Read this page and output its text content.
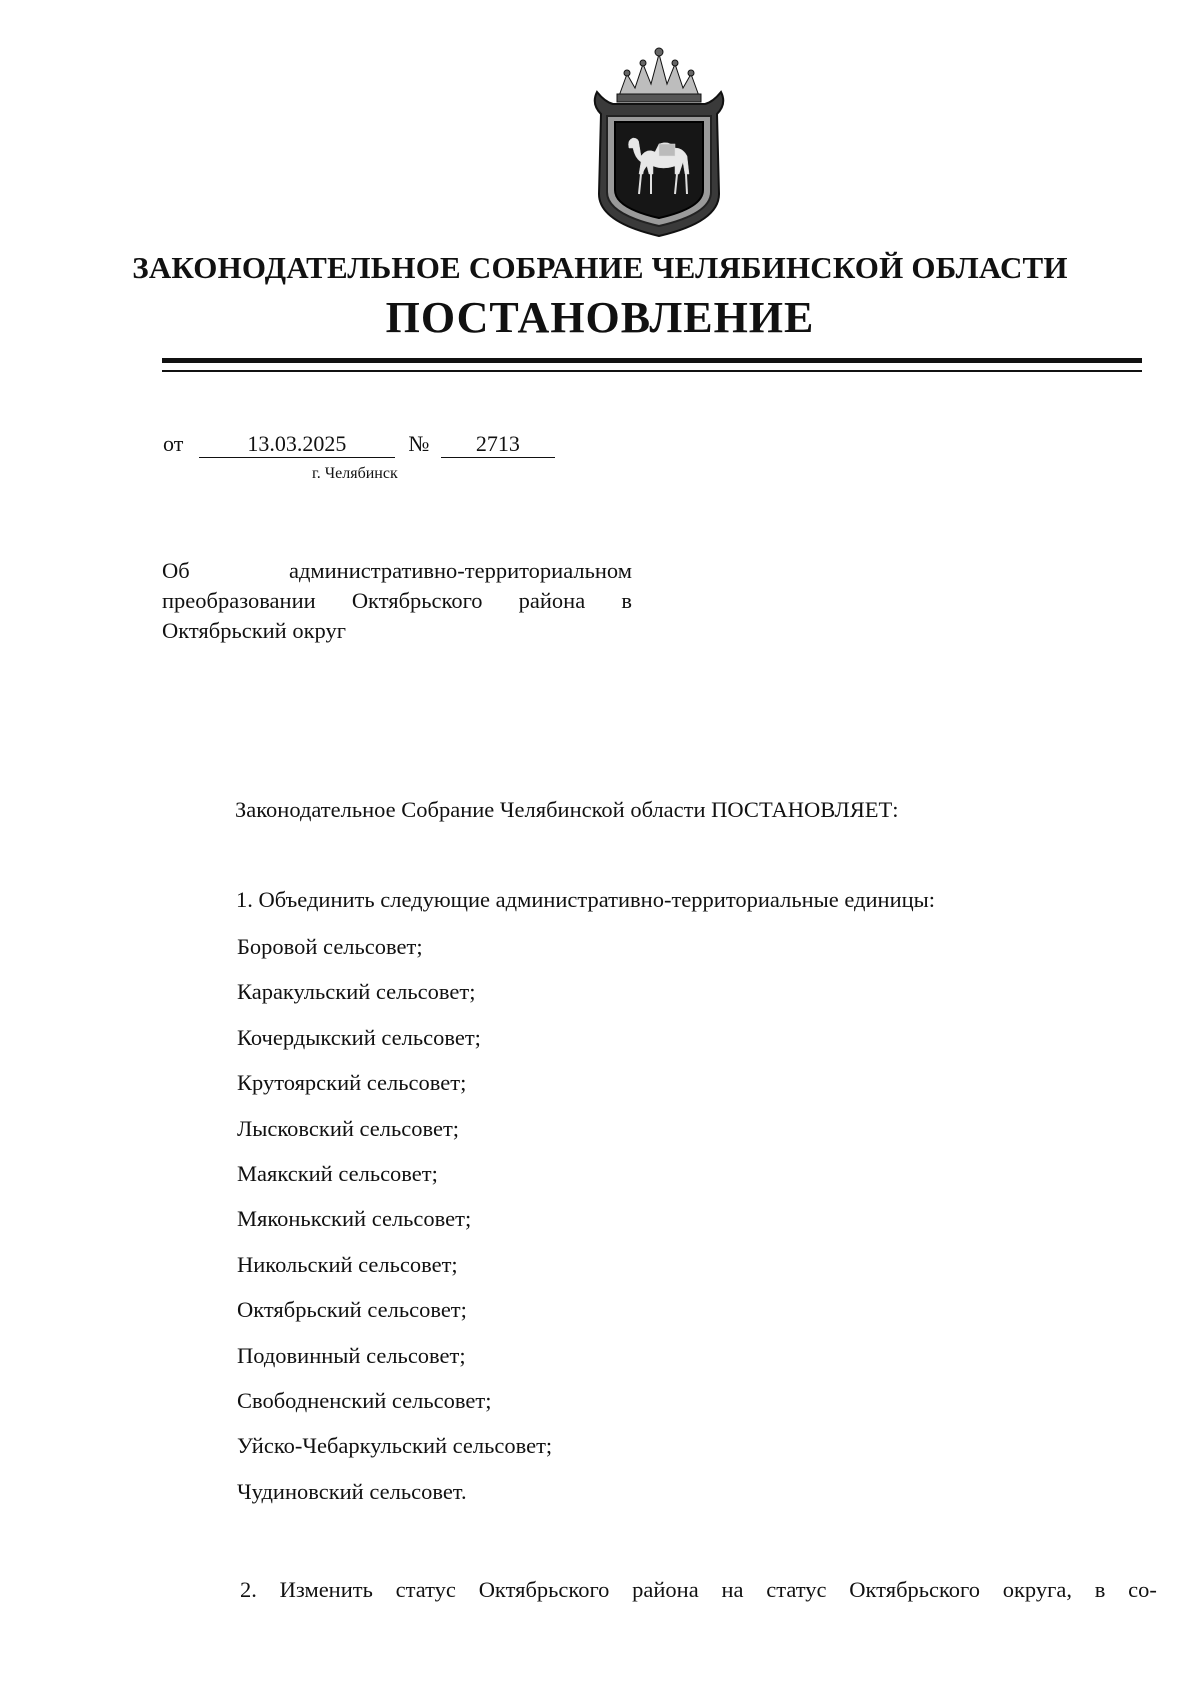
ЗАКОНОДАТЕЛЬНОЕ СОБРАНИЕ ЧЕЛЯБИНСКОЙ ОБЛАСТИ
ПОСТАНОВЛЕНИЕ
от	13.03.2025	№ 2713
г. Челябинск
Об	административно-территориальном
преобразовании Октябрьского района в
Октябрьский округ
Законодательное Собрание Челябинской области ПОСТАНОВЛЯЕТ:
1. Объединить следующие административно-территориальные единицы:
Боровой сельсовет;
Каракульский сельсовет;
Кочердыкский сельсовет;
Крутоярский сельсовет;
Лысковский сельсовет;
Маякский сельсовет;
Мяконькский сельсовет;
Никольский сельсовет;
Октябрьский сельсовет;
Подовинный сельсовет;
Свободненский сельсовет;
Уйско-Чебаркульский сельсовет;
Чудиновский сельсовет.
2. Изменить статус Октябрьского района на статус Октябрьского округа, в со-
